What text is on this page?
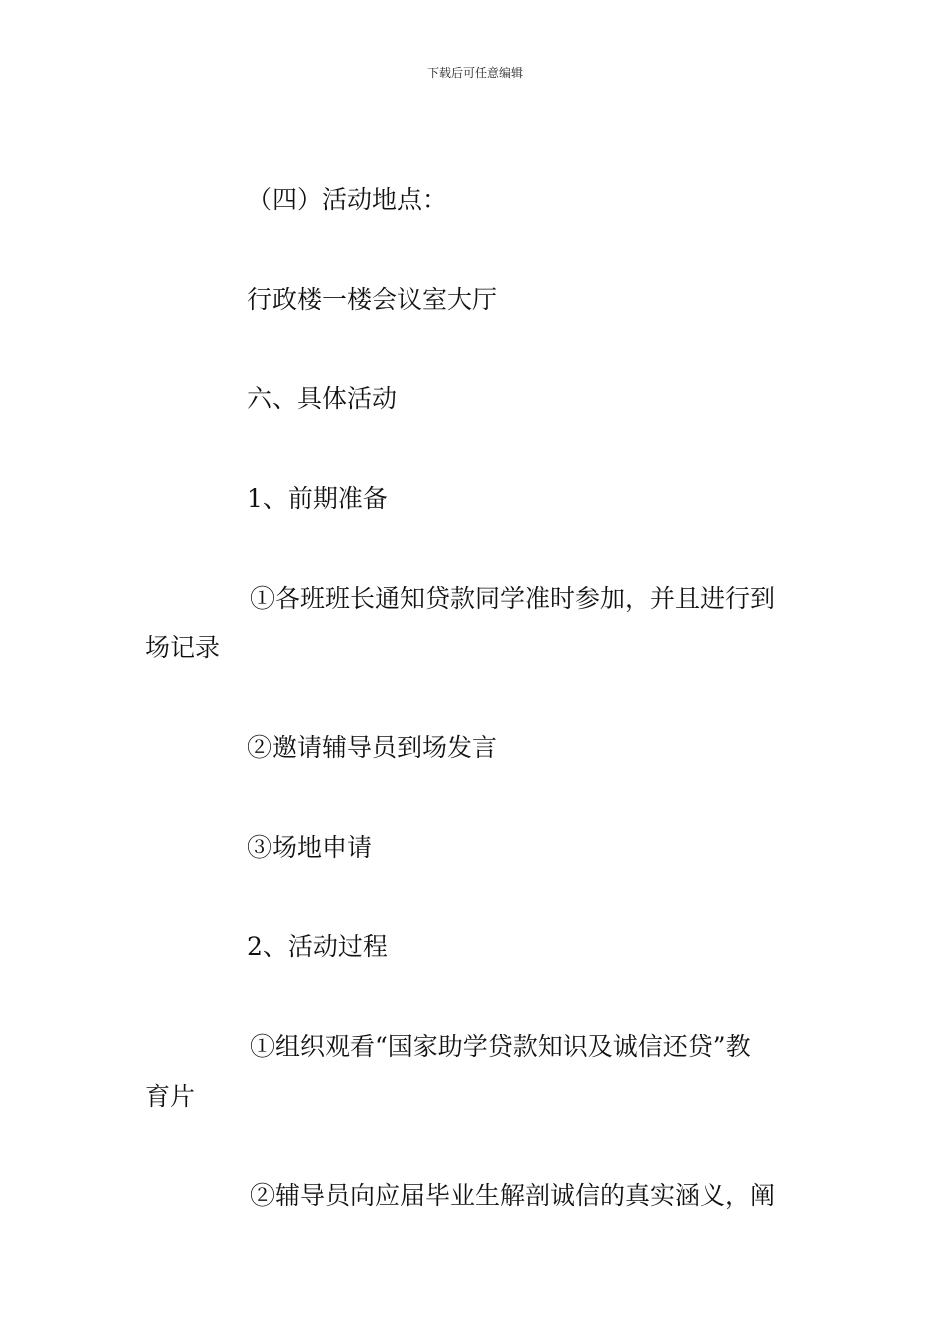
下载后可任意编辑
（四）活动地点：
行政楼一楼会议室大厅
六、具体活动
1、前期准备
①各班班长通知贷款同学准时参加，并且进行到
场记录
②邀请辅导员到场发言
③场地申请
2、活动过程
①组织观看“国家助学贷款知识及诚信还贷”教
育片
②辅导员向应届毕业生解剖诚信的真实涵义，阐
